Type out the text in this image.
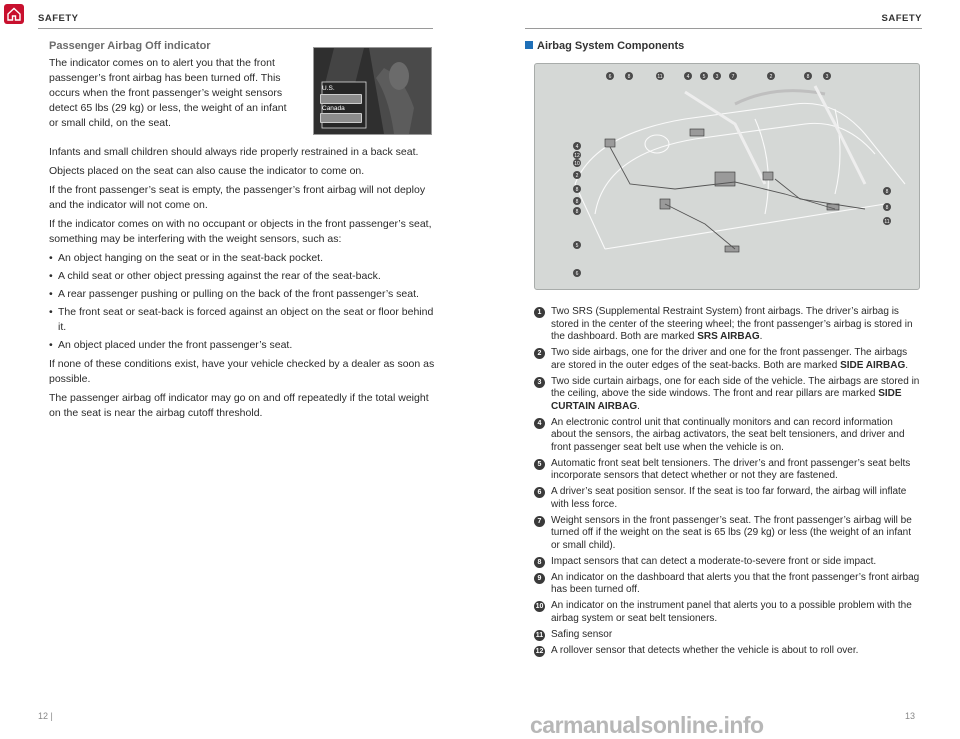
SAFETY
Passenger Airbag Off indicator
The indicator comes on to alert you that the front passenger’s front airbag has been turned off. This occurs when the front passenger’s weight sensors detect 65 lbs (29 kg) or less, the weight of an infant or small child, on the seat.
U.S.
Canada

Infants and small children should always ride properly restrained in a back seat.

Objects placed on the seat can also cause the indicator to come on.

If the front passenger’s seat is empty, the passenger’s front airbag will not deploy and the indicator will not come on.

If the indicator comes on with no occupant or objects in the front passenger’s seat, something may be interfering with the weight sensors, such as:

• An object hanging on the seat or in the seat-back pocket.
• A child seat or other object pressing against the rear of the seat-back.
• A rear passenger pushing or pulling on the back of the front passenger’s seat.
• The front seat or seat-back is forced against an object on the seat or floor behind it.
• An object placed under the front passenger’s seat.

If none of these conditions exist, have your vehicle checked by a dealer as soon as possible.

The passenger airbag off indicator may go on and off repeatedly if the total weight on the seat is near the airbag cutoff threshold.

12 |
SAFETY
Airbag System Components
6	8	11	4	5 3	7	2	8	3
4
12
10
2
8
8
8
5
6
8
8
11
1 Two SRS (Supplemental Restraint System) front airbags. The driver’s airbag is stored in the center of the steering wheel; the front passenger’s airbag is stored in the dashboard. Both are marked SRS AIRBAG.
2 Two side airbags, one for the driver and one for the front passenger. The airbags are stored in the outer edges of the seat-backs. Both are marked SIDE AIRBAG.
3 Two side curtain airbags, one for each side of the vehicle. The airbags are stored in the ceiling, above the side windows. The front and rear pillars are marked SIDE CURTAIN AIRBAG.
4 An electronic control unit that continually monitors and can record information about the sensors, the airbag activators, the seat belt tensioners, and driver and front passenger seat belt use when the vehicle is on.
5 Automatic front seat belt tensioners. The driver’s and front passenger’s seat belts incorporate sensors that detect whether or not they are fastened.
6 A driver’s seat position sensor. If the seat is too far forward, the airbag will inflate with less force.
7 Weight sensors in the front passenger’s seat. The front passenger’s airbag will be turned off if the weight on the seat is 65 lbs (29 kg) or less (the weight of an infant or small child).
8 Impact sensors that can detect a moderate-to-severe front or side impact.
9 An indicator on the dashboard that alerts you that the front passenger’s front airbag has been turned off.
10 An indicator on the instrument panel that alerts you to a possible problem with the airbag system or seat belt tensioners.
11 Safing sensor
12 A rollover sensor that detects whether the vehicle is about to roll over.
carmanualsonline.info	13
